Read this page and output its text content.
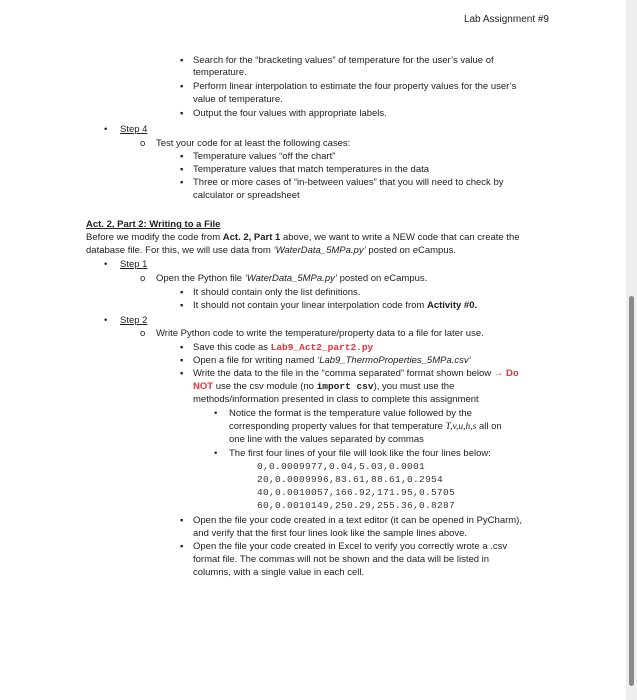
Lab Assignment #9
▪ Search for the “bracketing values” of temperature for the user’s value of
temperature.
▪ Perform linear interpolation to estimate the four property values for the user’s
value of temperature.
▪ Output the four values with appropriate labels.
• Step 4
o Test your code for at least the following cases:
▪ Temperature values “off the chart”
▪ Temperature values that match temperatures in the data
▪ Three or more cases of “in-between values” that you will need to check by
calculator or spreadsheet
Act. 2, Part 2: Writing to a File
Before we modify the code from Act. 2, Part 1 above, we want to write a NEW code that can create the
database file. For this, we will use data from ‘WaterData_5MPa.py’ posted on eCampus.
• Step 1
o Open the Python file ‘WaterData_5MPa.py’ posted on eCampus.
▪ It should contain only the list definitions.
▪ It should not contain your linear interpolation code from Activity #0.
• Step 2
o Write Python code to write the temperature/property data to a file for later use.
▪ Save this code as Lab9_Act2_part2.py
▪ Open a file for writing named ‘Lab9_ThermoProperties_5MPa.csv’
▪ Write the data to the file in the “comma separated” format shown below → Do
NOT use the csv module (no import csv), you must use the
methods/information presented in class to complete this assignment
• Notice the format is the temperature value followed by the
corresponding property values for that temperature T,v,u,h,s all on
one line with the values separated by commas
• The first four lines of your file will look like the four lines below:
0,0.0009977,0.04,5.03,0.0001
20,0.0009996,83.61,88.61,0.2954
40,0.0010057,166.92,171.95,0.5705
60,0.0010149,250.29,255.36,0.8287
▪ Open the file your code created in a text editor (it can be opened in PyCharm),
and verify that the first four lines look like the sample lines above.
▪ Open the file your code created in Excel to verify you correctly wrote a .csv
format file. The commas will not be shown and the data will be listed in
columns, with a single value in each cell.
